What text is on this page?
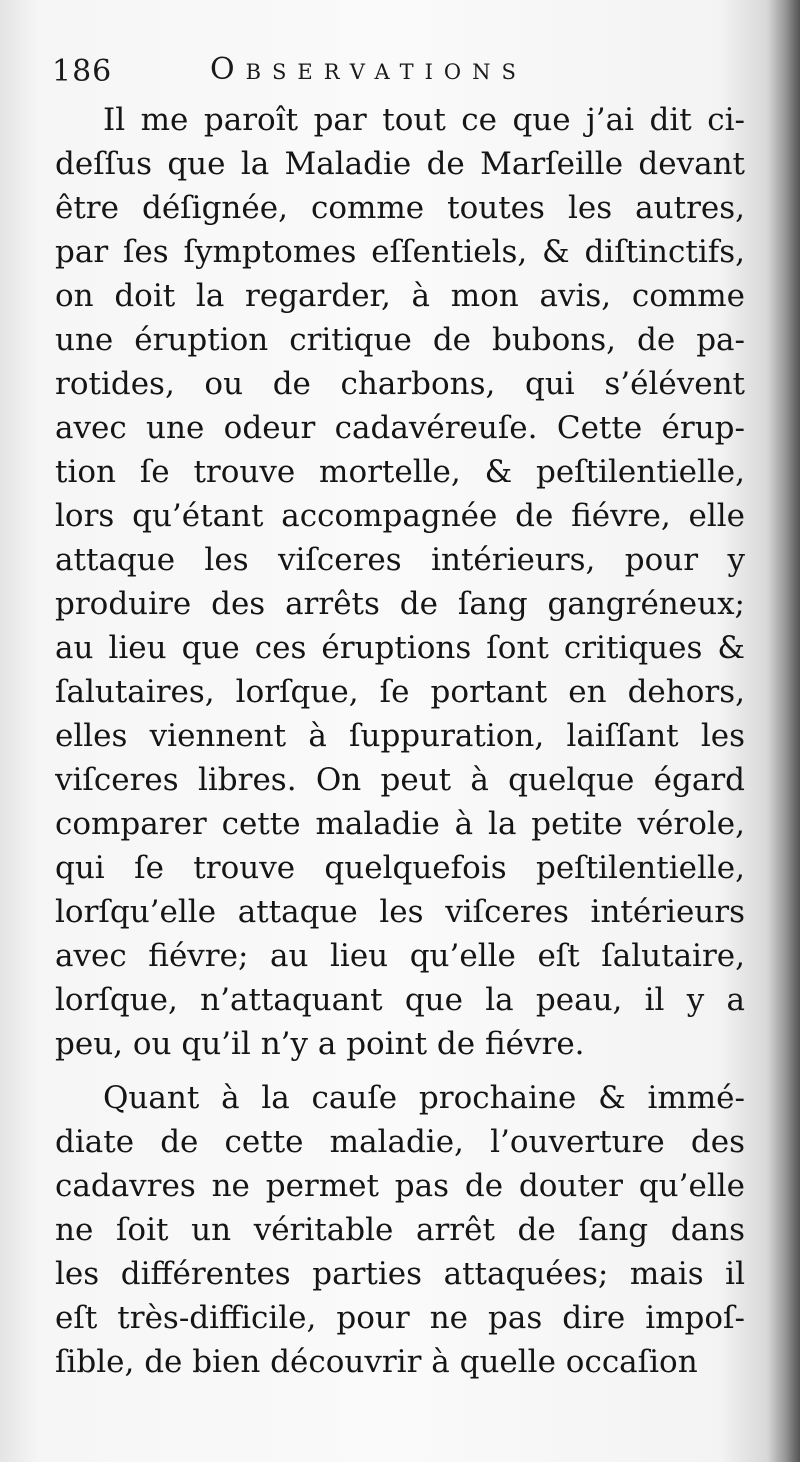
186	Observations
Il me paroît par tout ce que j’ai dit ci-
deſſus que la Maladie de Marſeille devant
être déſignée, comme toutes les autres,
par ſes ſymptomes eſſentiels, & diſtinctifs,
on doit la regarder, à mon avis, comme
une éruption critique de bubons, de pa-
rotides, ou de charbons, qui s’élévent
avec une odeur cadavéreuſe. Cette érup-
tion ſe trouve mortelle, & peſtilentielle,
lors qu’étant accompagnée de fiévre, elle
attaque les viſceres intérieurs, pour y
produire des arrêts de ſang gangréneux;
au lieu que ces éruptions ſont critiques &
ſalutaires, lorſque, ſe portant en dehors,
elles viennent à ſuppuration, laiſſant les
viſceres libres. On peut à quelque égard
comparer cette maladie à la petite vérole,
qui ſe trouve quelquefois peſtilentielle,
lorſqu’elle attaque les viſceres intérieurs
avec fiévre; au lieu qu’elle eſt ſalutaire,
lorſque, n’attaquant que la peau, il y a
peu, ou qu’il n’y a point de fiévre.
Quant à la cauſe prochaine & immé-
diate de cette maladie, l’ouverture des
cadavres ne permet pas de douter qu’elle
ne ſoit un véritable arrêt de ſang dans
les différentes parties attaquées; mais il
eſt très-difficile, pour ne pas dire impoſ-
ſible, de bien découvrir à quelle occaſion
